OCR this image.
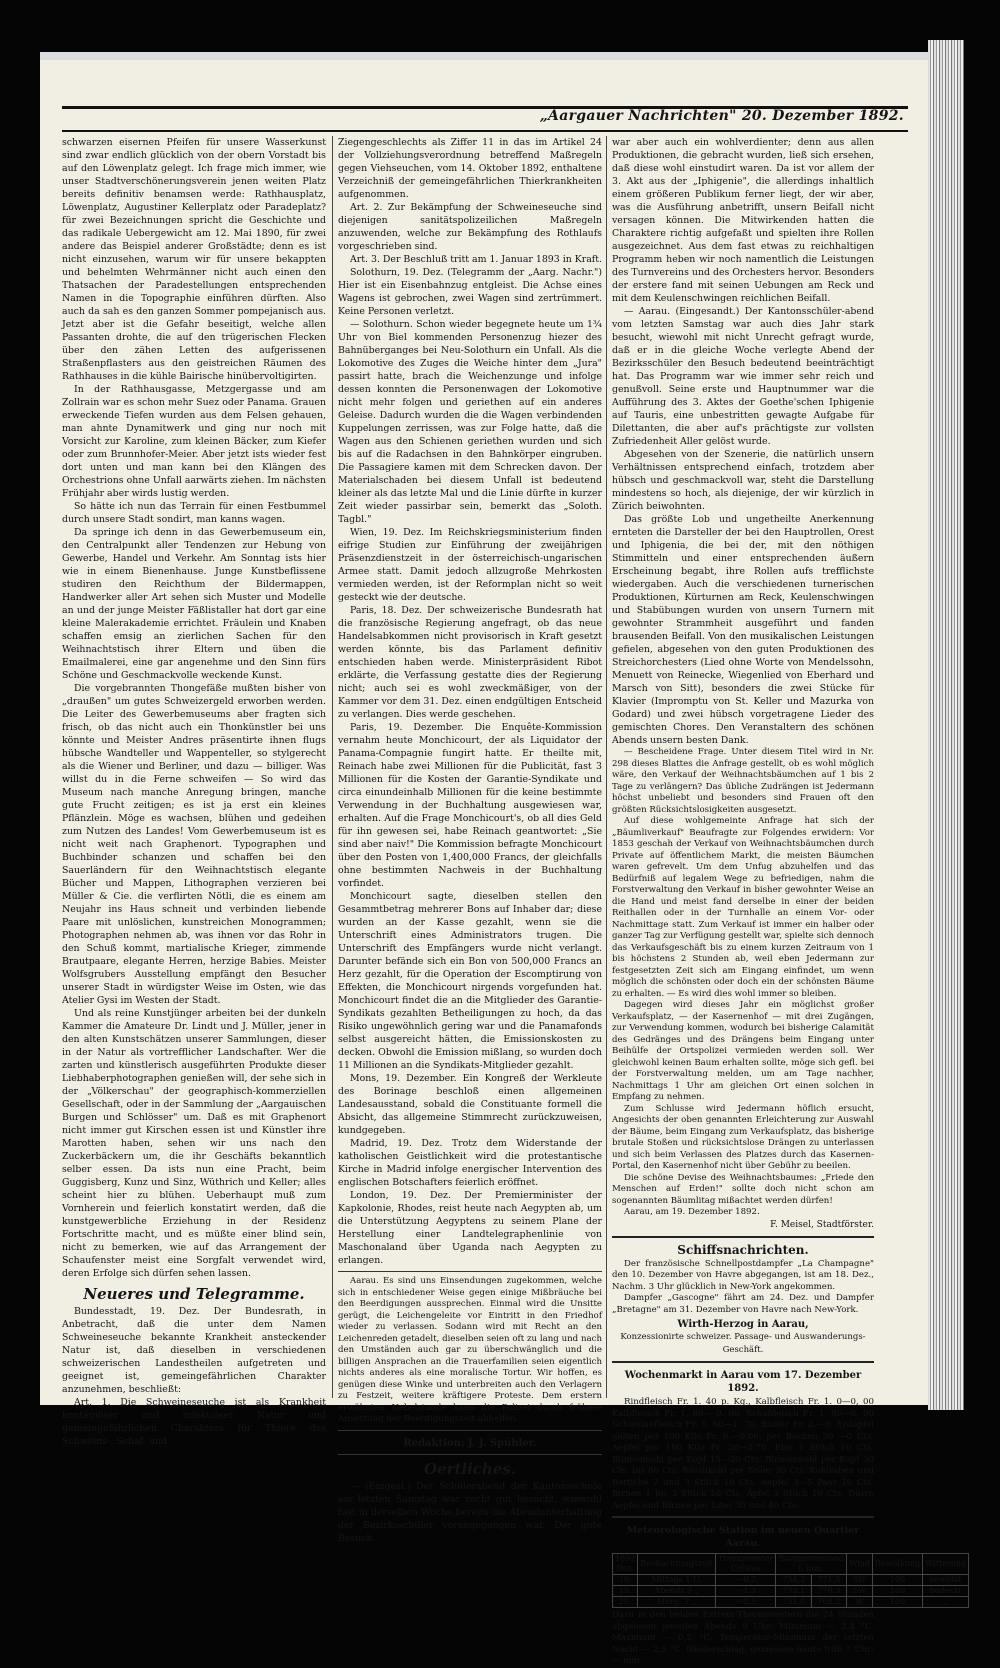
„Aargauer Nachrichten" 20. Dezember 1892.

schwarzen eisernen Pfeifen für unsere Wasserkunst sind zwar endlich glücklich von der obern Vorstadt bis auf den Löwenplatz gelegt. Ich frage mich immer, wie unser Stadtverschönerungsverein jenen weiten Platz bereits definitiv benamsen werde: Rathhausplatz, Löwenplatz, Augustiner Kellerplatz oder Paradeplatz? für zwei Bezeichnungen spricht die Geschichte und das radikale Uebergewicht am 12. Mai 1890, für zwei andere das Beispiel anderer Großstädte; denn es ist nicht einzusehen, warum wir für unsere bekappten und behelmten Wehrmänner nicht auch einen den Thatsachen der Paradestellungen entsprechenden Namen in die Topographie einführen dürften. Also auch da sah es den ganzen Sommer pompejanisch aus. Jetzt aber ist die Gefahr beseitigt, welche allen Passanten drohte, die auf den trügerischen Flecken über den zähen Letten des aufgerissenen Straßenpflasters aus den geistreichen Räumen des Rathhauses in die kühle Bairische hinübervoltigirten.

In der Rathhausgasse, Metzgergasse und am Zollrain war es schon mehr Suez oder Panama. Grauen erweckende Tiefen wurden aus dem Felsen gehauen, man ahnte Dynamitwerk und ging nur noch mit Vorsicht zur Karoline, zum kleinen Bäcker, zum Kiefer oder zum Brunnhofer-Meier. Aber jetzt ists wieder fest dort unten und man kann bei den Klängen des Orchestrions ohne Unfall aarwärts ziehen. Im nächsten Frühjahr aber wirds lustig werden.

So hätte ich nun das Terrain für einen Festbummel durch unsere Stadt sondirt, man kanns wagen.

Da springe ich denn in das Gewerbemuseum ein, den Centralpunkt aller Tendenzen zur Hebung von Gewerbe, Handel und Verkehr. Am Sonntag ists hier wie in einem Bienenhause. Junge Kunstbeflissene studiren den Reichthum der Bildermappen, Handwerker aller Art sehen sich Muster und Modelle an und der junge Meister Fäßlistaller hat dort gar eine kleine Malerakademie errichtet. Fräulein und Knaben schaffen emsig an zierlichen Sachen für den Weihnachtstisch ihrer Eltern und üben die Emailmalerei, eine gar angenehme und den Sinn fürs Schöne und Geschmackvolle weckende Kunst.

Die vorgebrannten Thongefäße mußten bisher von „draußen" um gutes Schweizergeld erworben werden. Die Leiter des Gewerbemuseums aber fragten sich frisch, ob das nicht auch ein Thonkünstler bei uns könnte und Meister Andres präsentirte ihnen flugs hübsche Wandteller und Wappenteller, so stylgerecht als die Wiener und Berliner, und dazu — billiger. Was willst du in die Ferne schweifen — So wird das Museum nach manche Anregung bringen, manche gute Frucht zeitigen; es ist ja erst ein kleines Pflänzlein. Möge es wachsen, blühen und gedeihen zum Nutzen des Landes! Vom Gewerbemuseum ist es nicht weit nach Graphenort. Typographen und Buchbinder schanzen und schaffen bei den Sauerländern für den Weihnachtstisch elegante Bücher und Mappen, Lithographen verzieren bei Müller & Cie. die verflirten Nötli, die es einem am Neujahr ins Haus schneit und verbinden liebende Paare mit unlöslichen, kunstreichen Monogrammen; Photographen nehmen ab, was ihnen vor das Rohr in den Schuß kommt, martialische Krieger, zimmende Brautpaare, elegante Herren, herzige Babies. Meister Wolfsgrubers Ausstellung empfängt den Besucher unserer Stadt in würdigster Weise im Osten, wie das Atelier Gysi im Westen der Stadt.

Und als reine Kunstjünger arbeiten bei der dunkeln Kammer die Amateure Dr. Lindt und J. Müller, jener in den alten Kunstschätzen unserer Sammlungen, dieser in der Natur als vortrefflicher Landschafter. Wer die zarten und künstlerisch ausgeführten Produkte dieser Liebhaberphotographen genießen will, der sehe sich in der „Völkerschau" der geographisch-kommerziellen Gesellschaft, oder in der Sammlung der „Aargauischen Burgen und Schlösser" um. Daß es mit Graphenort nicht immer gut Kirschen essen ist und Künstler ihre Marotten haben, sehen wir uns nach den Zuckerbäckern um, die ihr Geschäfts bekanntlich selber essen. Da ists nun eine Pracht, beim Guggisberg, Kunz und Sinz, Wüthrich und Keller; alles scheint hier zu blühen. Ueberhaupt muß zum Vornherein und feierlich konstatirt werden, daß die kunstgewerbliche Erziehung in der Residenz Fortschritte macht, und es müßte einer blind sein, nicht zu bemerken, wie auf das Arrangement der Schaufenster meist eine Sorgfalt verwendet wird, deren Erfolge sich dürfen sehen lassen.

Neueres und Telegramme.

Bundesstadt, 19. Dez. Der Bundesrath, in Anbetracht, daß die unter dem Namen Schweineseuche bekannte Krankheit ansteckender Natur ist, daß dieselben in verschiedenen schweizerischen Landestheilen aufgetreten und geeignet ist, gemeingefährlichen Charakter anzunehmen, beschließt:

Art. 1. Die Schweineseuche ist als Krankheit kontagiöser und infektiöser Natur und gemeingefährlichen Charakters für Thiere des Schweins-, Schaf- und

Ziegengeschlechts als Ziffer 11 in das im Artikel 24 der Vollziehungsverordnung betreffend Maßregeln gegen Viehseuchen, vom 14. Oktober 1892, enthaltene Verzeichniß der gemeingefährlichen Thierkrankheiten aufgenommen.

Art. 2. Zur Bekämpfung der Schweineseuche sind diejenigen sanitätspolizeilichen Maßregeln anzuwenden, welche zur Bekämpfung des Rothlaufs vorgeschrieben sind.

Art. 3. Der Beschluß tritt am 1. Januar 1893 in Kraft.

Solothurn, 19. Dez. (Telegramm der „Aarg. Nachr.") Hier ist ein Eisenbahnzug entgleist. Die Achse eines Wagens ist gebrochen, zwei Wagen sind zertrümmert. Keine Personen verletzt.

— Solothurn. Schon wieder begegnete heute um 1¾ Uhr von Biel kommenden Personenzug hiezer des Bahnüberganges bei Neu-Solothurn ein Unfall. Als die Lokomotive des Zuges die Weiche hinter dem „Jura" passirt hatte, brach die Weichenzunge und infolge dessen konnten die Personenwagen der Lokomotive nicht mehr folgen und geriethen auf ein anderes Geleise. Dadurch wurden die die Wagen verbindenden Kuppelungen zerrissen, was zur Folge hatte, daß die Wagen aus den Schienen geriethen wurden und sich bis auf die Radachsen in den Bahnkörper eingruben. Die Passagiere kamen mit dem Schrecken davon. Der Materialschaden bei diesem Unfall ist bedeutend kleiner als das letzte Mal und die Linie dürfte in kurzer Zeit wieder passirbar sein, bemerkt das „Soloth. Tagbl."

Wien, 19. Dez. Im Reichskriegsministerium finden eifrige Studien zur Einführung der zweijährigen Präsenzdienstzeit in der österreichisch-ungarischen Armee statt. Damit jedoch allzugroße Mehrkosten vermieden werden, ist der Reformplan nicht so weit gesteckt wie der deutsche.

Paris, 18. Dez. Der schweizerische Bundesrath hat die französische Regierung angefragt, ob das neue Handelsabkommen nicht provisorisch in Kraft gesetzt werden könnte, bis das Parlament definitiv entschieden haben werde. Ministerpräsident Ribot erklärte, die Verfassung gestatte dies der Regierung nicht; auch sei es wohl zweckmäßiger, von der Kammer vor dem 31. Dez. einen endgültigen Entscheid zu verlangen. Dies werde geschehen.

Paris, 19. Dezember. Die Enquête-Kommission vernahm heute Monchicourt, der als Liquidator der Panama-Compagnie fungirt hatte. Er theilte mit, Reinach habe zwei Millionen für die Publicität, fast 3 Millionen für die Kosten der Garantie-Syndikate und circa einundeinhalb Millionen für die keine bestimmte Verwendung in der Buchhaltung ausgewiesen war, erhalten. Auf die Frage Monchicourt's, ob all dies Geld für ihn gewesen sei, habe Reinach geantwortet: „Sie sind aber naiv!" Die Kommission befragte Monchicourt über den Posten von 1,400,000 Francs, der gleichfalls ohne bestimmten Nachweis in der Buchhaltung vorfindet.

Monchicourt sagte, dieselben stellen den Gesammtbetrag mehrerer Bons auf Inhaber dar; diese wurden an der Kasse gezahlt, wenn sie die Unterschrift eines Administrators trugen. Die Unterschrift des Empfängers wurde nicht verlangt. Darunter befände sich ein Bon von 500,000 Francs an Herz gezahlt, für die Operation der Escomptirung von Effekten, die Monchicourt nirgends vorgefunden hat. Monchicourt findet die an die Mitglieder des Garantie-Syndikats gezahlten Betheiligungen zu hoch, da das Risiko ungewöhnlich gering war und die Panamafonds selbst ausgereicht hätten, die Emissionskosten zu decken. Obwohl die Emission mißlang, so wurden doch 11 Millionen an die Syndikats-Mitglieder gezahlt.

Mons, 19. Dezember. Ein Kongreß der Werkleute des Borinage beschloß einen allgemeinen Landesausstand, sobald die Constituante formell die Absicht, das allgemeine Stimmrecht zurückzuweisen, kundgegeben.

Madrid, 19. Dez. Trotz dem Widerstande der katholischen Geistlichkeit wird die protestantische Kirche in Madrid infolge energischer Intervention des englischen Botschafters feierlich eröffnet.

London, 19. Dez. Der Premierminister der Kapkolonie, Rhodes, reist heute nach Aegypten ab, um die Unterstützung Aegyptens zu seinem Plane der Herstellung einer Landtelegraphenlinie von Maschonaland über Uganda nach Aegypten zu erlangen.

Aarau. Es sind uns Einsendungen zugekommen, welche sich in entschiedener Weise gegen einige Mißbräuche bei den Beerdigungen aussprechen. Einmal wird die Unsitte gerügt, die Leichengeleite vor Eintritt in den Friedhof wieder zu verlassen. Sodann wird mit Recht an den Leichenreden getadelt, dieselben seien oft zu lang und nach den Umständen auch gar zu überschwänglich und die billigen Ansprachen an die Trauerfamilien seien eigentlich nichts anderes als eine moralische Tortur. Wir hoffen, es genügen diese Winke und unterbreiten auch den Verlagern zu Festzeit, weitere kräftigere Proteste. Dem erstern erwähnten Uebelstande kann die Polizei durch frühere Ansetzung der Beerdigungszeit abhelfen.

Redaktion: J. J. Spühler.
Oertliches.

— (Eingesl.) Der Schülerabend der Kantonsschule am letzten Samstag war recht gut besucht, wiewohl fast in derselben Woche bereits die Abendunterhaltung der Bezirksschüler vorangegangen war. Der gute Besuch

war aber auch ein wohlverdienter; denn aus allen Produktionen, die gebracht wurden, ließ sich ersehen, daß diese wohl einstudirt waren. Da ist vor allem der 3. Akt aus der „Iphigenie", die allerdings inhaltlich einem größeren Publikum ferner liegt, der wir aber, was die Ausführung anbetrifft, unsern Beifall nicht versagen können. Die Mitwirkenden hatten die Charaktere richtig aufgefaßt und spielten ihre Rollen ausgezeichnet. Aus dem fast etwas zu reichhaltigen Programm heben wir noch namentlich die Leistungen des Turnvereins und des Orchesters hervor. Besonders der erstere fand mit seinen Uebungen am Reck und mit dem Keulenschwingen reichlichen Beifall.

— Aarau. (Eingesandt.) Der Kantonsschüler-abend vom letzten Samstag war auch dies Jahr stark besucht, wiewohl mit nicht Unrecht gefragt wurde, daß er in die gleiche Woche verlegte Abend der Bezirksschüler den Besuch bedeutend beeinträchtigt hat. Das Programm war wie immer sehr reich und genußvoll. Seine erste und Hauptnummer war die Aufführung des 3. Aktes der Goethe'schen Iphigenie auf Tauris, eine unbestritten gewagte Aufgabe für Dilettanten, die aber auf's prächtigste zur vollsten Zufriedenheit Aller gelöst wurde.

Abgesehen von der Szenerie, die natürlich unsern Verhältnissen entsprechend einfach, trotzdem aber hübsch und geschmackvoll war, steht die Darstellung mindestens so hoch, als diejenige, der wir kürzlich in Zürich beiwohnten.

Das größte Lob und ungetheilte Anerkennung ernteten die Darsteller der bei den Hauptrollen, Orest und Iphigenia, die bei der, mit den nöthigen Stimmitteln und einer entsprechenden äußern Erscheinung begabt, ihre Rollen aufs trefflichste wiedergaben. Auch die verschiedenen turnerischen Produktionen, Kürturnen am Reck, Keulenschwingen und Stabübungen wurden von unsern Turnern mit gewohnter Strammheit ausgeführt und fanden brausenden Beifall. Von den musikalischen Leistungen gefielen, abgesehen von den guten Produktionen des Streichorchesters (Lied ohne Worte von Mendelssohn, Menuett von Reinecke, Wiegenlied von Eberhard und Marsch von Sitt), besonders die zwei Stücke für Klavier (Impromptu von St. Keller und Mazurka von Godard) und zwei hübsch vorgetragene Lieder des gemischten Chores. Den Veranstaltern des schönen Abends unsern besten Dank.

— Bescheidene Frage. Unter diesem Titel wird in Nr. 298 dieses Blattes die Anfrage gestellt, ob es wohl möglich wäre, den Verkauf der Weihnachtsbäumchen auf 1 bis 2 Tage zu verlängern? Das übliche Zudrängen ist Jedermann höchst unbeliebt und besonders sind Frauen oft den größten Rücksichtslosigkeiten ausgesetzt.

Auf diese wohlgemeinte Anfrage hat sich der „Bäumliverkauf" Beaufragte zur Folgendes erwidern: Vor 1853 geschah der Verkauf von Weihnachtsbäumchen durch Private auf öffentlichem Markt, die meisten Bäumchen waren gefrevelt. Um dem Unfug abzuhelfen und das Bedürfniß auf legalem Wege zu befriedigen, nahm die Forstverwaltung den Verkauf in bisher gewohnter Weise an die Hand und meist fand derselbe in einer der beiden Reithallen oder in der Turnhalle an einem Vor- oder Nachmittage statt. Zum Verkauf ist immer ein halber oder ganzer Tag zur Verfügung gestellt war, spielte sich dennoch das Verkaufsgeschäft bis zu einem kurzen Zeitraum von 1 bis höchstens 2 Stunden ab, weil eben Jedermann zur festgesetzten Zeit sich am Eingang einfindet, um wenn möglich die schönsten oder doch ein der schönsten Bäume zu erhalten. — Es wird dies wohl immer so bleiben.

Dagegen wird dieses Jahr ein möglichst großer Verkaufsplatz, — der Kasernenhof — mit drei Zugängen, zur Verwendung kommen, wodurch bei bisherige Calamität des Gedränges und des Drängens beim Eingang unter Beihülfe der Ortspolizei vermieden werden soll. Wer gleichwohl keinen Baum erhalten sollte, möge sich gefl. bei der Forstverwaltung melden, um am Tage nachher, Nachmittags 1 Uhr am gleichen Ort einen solchen in Empfang zu nehmen.

Zum Schlusse wird Jedermann höflich ersucht, Angesichts der oben genannten Erleichterung zur Auswahl der Bäume, beim Eingang zum Verkaufsplatz, das bisherige brutale Stoßen und rücksichtslose Drängen zu unterlassen und sich beim Verlassen des Platzes durch das Kasernen-Portal, den Kasernenhof nicht über Gebühr zu beeilen.

Die schöne Devise des Weihnachtsbaumes: „Friede den Menschen auf Erden!" sollte doch nicht schon am sogenannten Bäumlitag mißachtet werden dürfen!

Aarau, am 19. Dezember 1892.

F. Meisel, Stadtförster.
Schiffsnachrichten.

Der französische Schnellpostdampfer „La Champagne" den 10. Dezember von Havre abgegangen, ist am 18. Dez., Nachm. 3 Uhr glücklich in New-York angekommen.

Dampfer „Gascogne" fährt am 24. Dez. und Dampfer „Bretagne" am 31. Dezember von Havre nach New-York.

Wirth-Herzog in Aarau,
Konzessionirte schweizer. Passage- und Auswanderungs-Geschäft.
Wochenmarkt in Aarau vom 17. Dezember 1892.

Rindfleisch Fr. 1. 40 p. Kg., Kalbfleisch Fr. 1. 0—0, 00 Kalbfleisch Fr. 1. 80— 0. 00, Schaffleisch Fr. 1. 80—0. 00 Schweinefleisch Fr. 1. 60—1. 70, Butter Fr. 2.—0. Erdäpfel galten per 100 Kilo Fr. 6.—0.00; per Becken 20 —0 Cts. Aepfel per 100 Kilo Fr. 20—2.70. Eier 1 Stück 10 Cts. Blumenkohl per Kopf 15—30 Cts. Blumenkohl per Kopf 30 Cts. bis 80 Cts. Rösslikohl per Teller 30 Cts. Kohlraben und Rettiche 2 und 3 Stück 10 Cts. Aepfel 3—5 Paar 10 Cts. Birnen 1 bis 3 Stück 10 Cts. Äpfel 3 Stück 10 Cts. Dürre Aepfel und Birnen per Liter 30 und 40 Cts.

Meteorologische Station im neuen Quartier Aarau.
1892 Dez.	Beobachtungszeit	Thermometer Celsius	Barometerstand i. mm.		Wind	Bewölkung	Witterung
19.	Mittags 1 U.	—0,7	734,3	771,5	SW	100	bewölkt
19.	Abends 9 „	—1,3	733,1	770,3	SW	100	bedeckt
20.	Morg. 7 „	—2,5	731,0	768,2	W	100	„

Dazu in den beiden Extrem-Thermometern die 24 Stunden abgelesen jeweilen Abends 9 Uhr: Minimum — 2,4 °C. Maximum — 0,2 °C. Temperatur-Minimum der letzten Nacht — 2,5 °C. Niederschlag, gemessen heute früh 7 Uhr: — mm.
